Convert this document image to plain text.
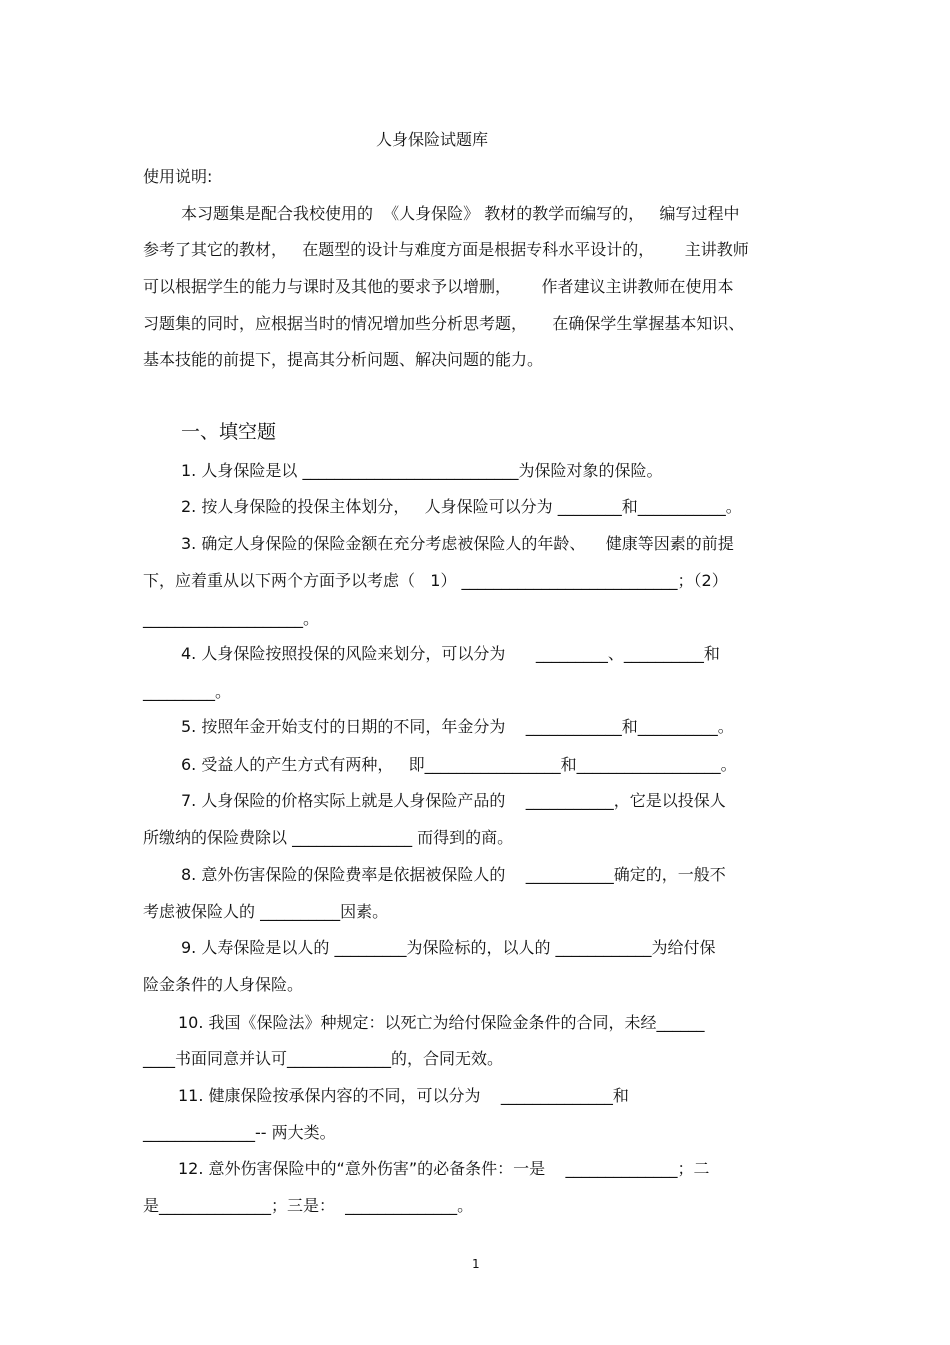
人身保险试题库
使用说明:
本习题集是配合我校使用的  《人身保险》 教材的教学而编写的，   编写过程中
参考了其它的教材，   在题型的设计与难度方面是根据专科水平设计的，      主讲教师
可以根据学生的能力与课时及其他的要求予以增删，      作者建议主讲教师在使用本
习题集的同时，应根据当时的情况增加些分析思考题，     在确保学生掌握基本知识、
基本技能的前提下，提高其分析问题、解决问题的能力。
一、填空题
1. 人身保险是以 ___________________________为保险对象的保险。
2. 按人身保险的投保主体划分，   人身保险可以分为 ________和___________。
3. 确定人身保险的保险金额在充分考虑被保险人的年龄、    健康等因素的前提
下，应着重从以下两个方面予以考虑（   1） ___________________________；（2）
____________________。
4. 人身保险按照投保的风险来划分，可以分为      _________、__________和
_________。
5. 按照年金开始支付的日期的不同，年金分为    ____________和__________。
6. 受益人的产生方式有两种，   即_________________和__________________。
7. 人身保险的价格实际上就是人身保险产品的    ___________，它是以投保人
所缴纳的保险费除以 _______________ 而得到的商。
8. 意外伤害保险的保险费率是依据被保险人的    ___________确定的，一般不
考虑被保险人的 __________因素。
9. 人寿保险是以人的 _________为保险标的，以人的 ____________为给付保
险金条件的人身保险。
10. 我国《保险法》种规定：以死亡为给付保险金条件的合同，未经______
____书面同意并认可_____________的，合同无效。
11. 健康保险按承保内容的不同，可以分为    ______________和
______________-- 两大类。
12. 意外伤害保险中的“意外伤害”的必备条件：一是    ______________；二
是______________；三是：  ______________。
1
